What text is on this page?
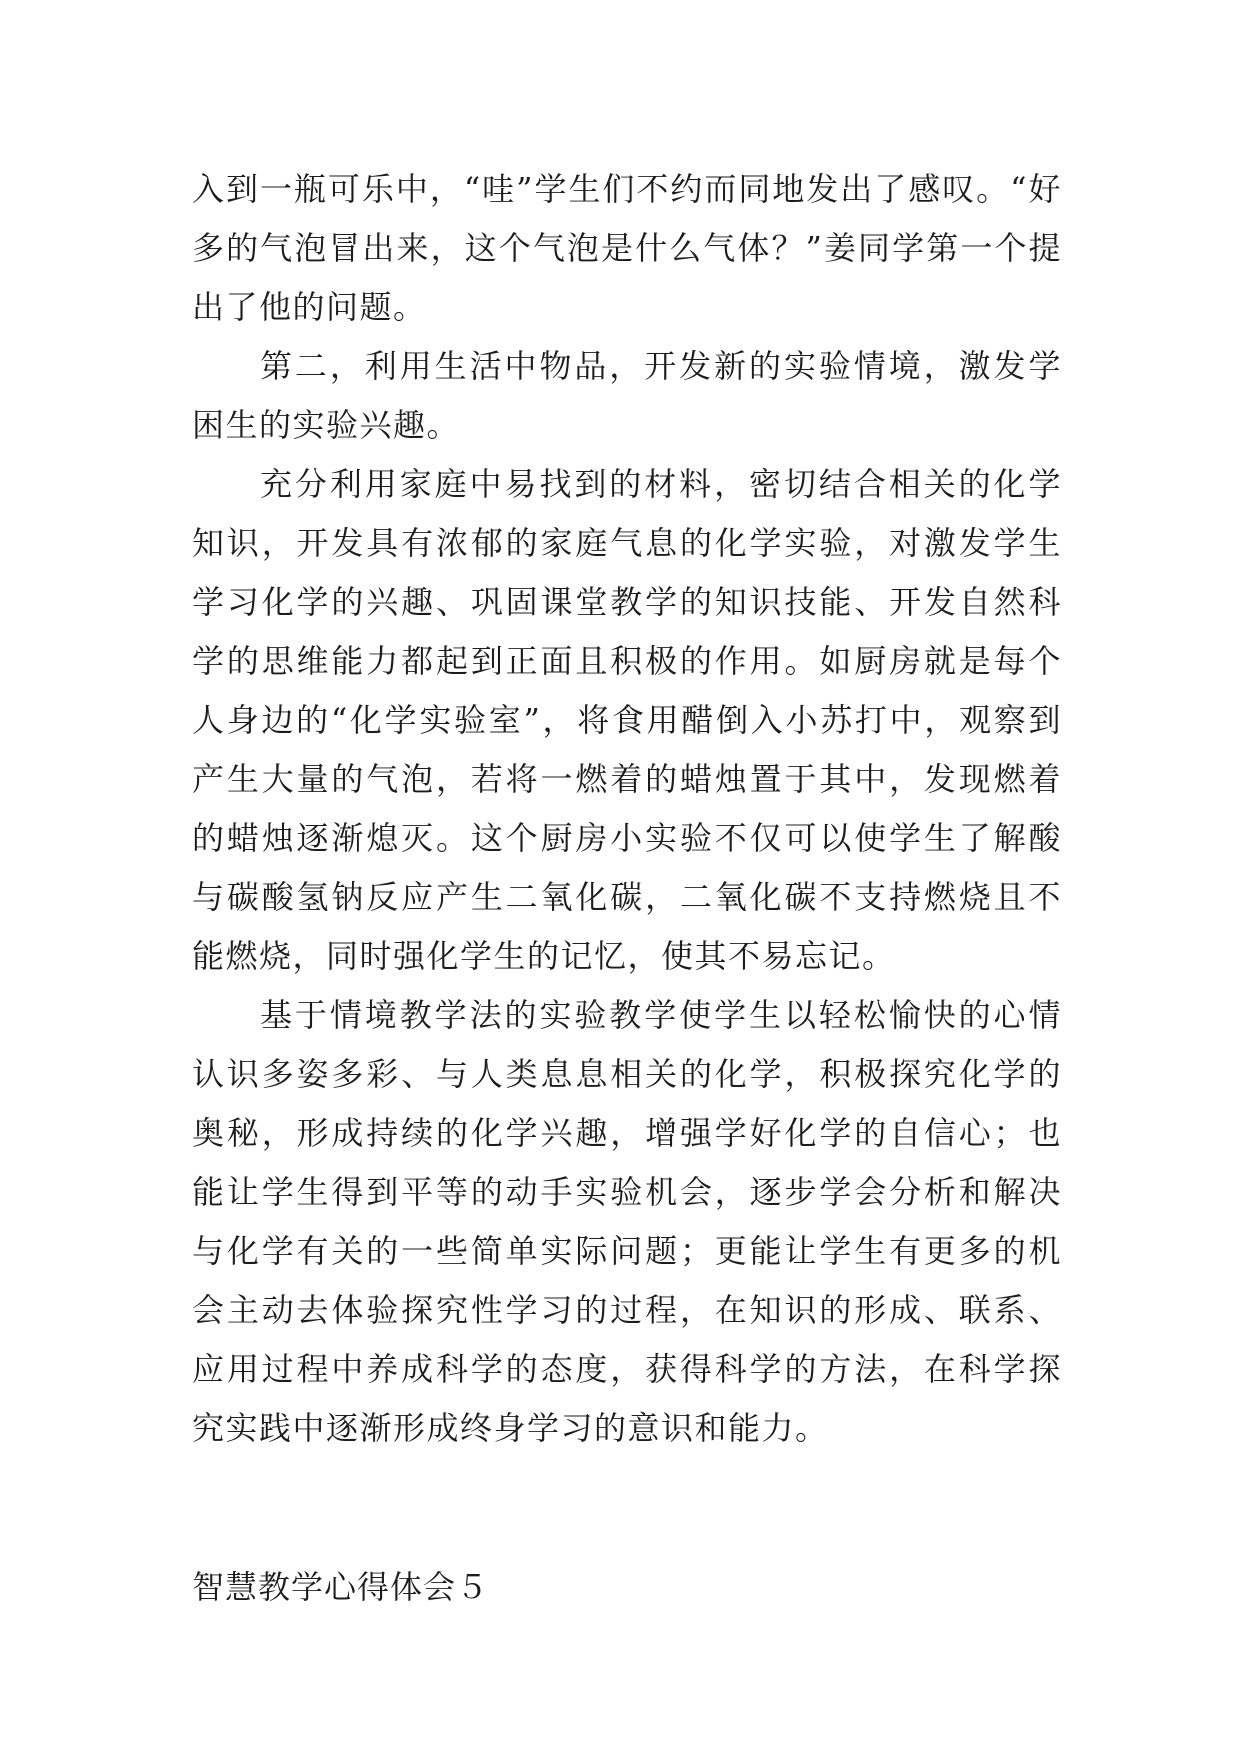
入到一瓶可乐中，“哇”学生们不约而同地发出了感叹。“好多的气泡冒出来，这个气泡是什么气体？”姜同学第一个提出了他的问题。

第二，利用生活中物品，开发新的实验情境，激发学困生的实验兴趣。

充分利用家庭中易找到的材料，密切结合相关的化学知识，开发具有浓郁的家庭气息的化学实验，对激发学生学习化学的兴趣、巩固课堂教学的知识技能、开发自然科学的思维能力都起到正面且积极的作用。如厨房就是每个人身边的“化学实验室”，将食用醋倒入小苏打中，观察到产生大量的气泡，若将一燃着的蜡烛置于其中，发现燃着的蜡烛逐渐熄灭。这个厨房小实验不仅可以使学生了解酸与碳酸氢钠反应产生二氧化碳，二氧化碳不支持燃烧且不能燃烧，同时强化学生的记忆，使其不易忘记。

基于情境教学法的实验教学使学生以轻松愉快的心情认识多姿多彩、与人类息息相关的化学，积极探究化学的奥秘，形成持续的化学兴趣，增强学好化学的自信心；也能让学生得到平等的动手实验机会，逐步学会分析和解决与化学有关的一些简单实际问题；更能让学生有更多的机会主动去体验探究性学习的过程，在知识的形成、联系、应用过程中养成科学的态度，获得科学的方法，在科学探究实践中逐渐形成终身学习的意识和能力。

智慧教学心得体会５
